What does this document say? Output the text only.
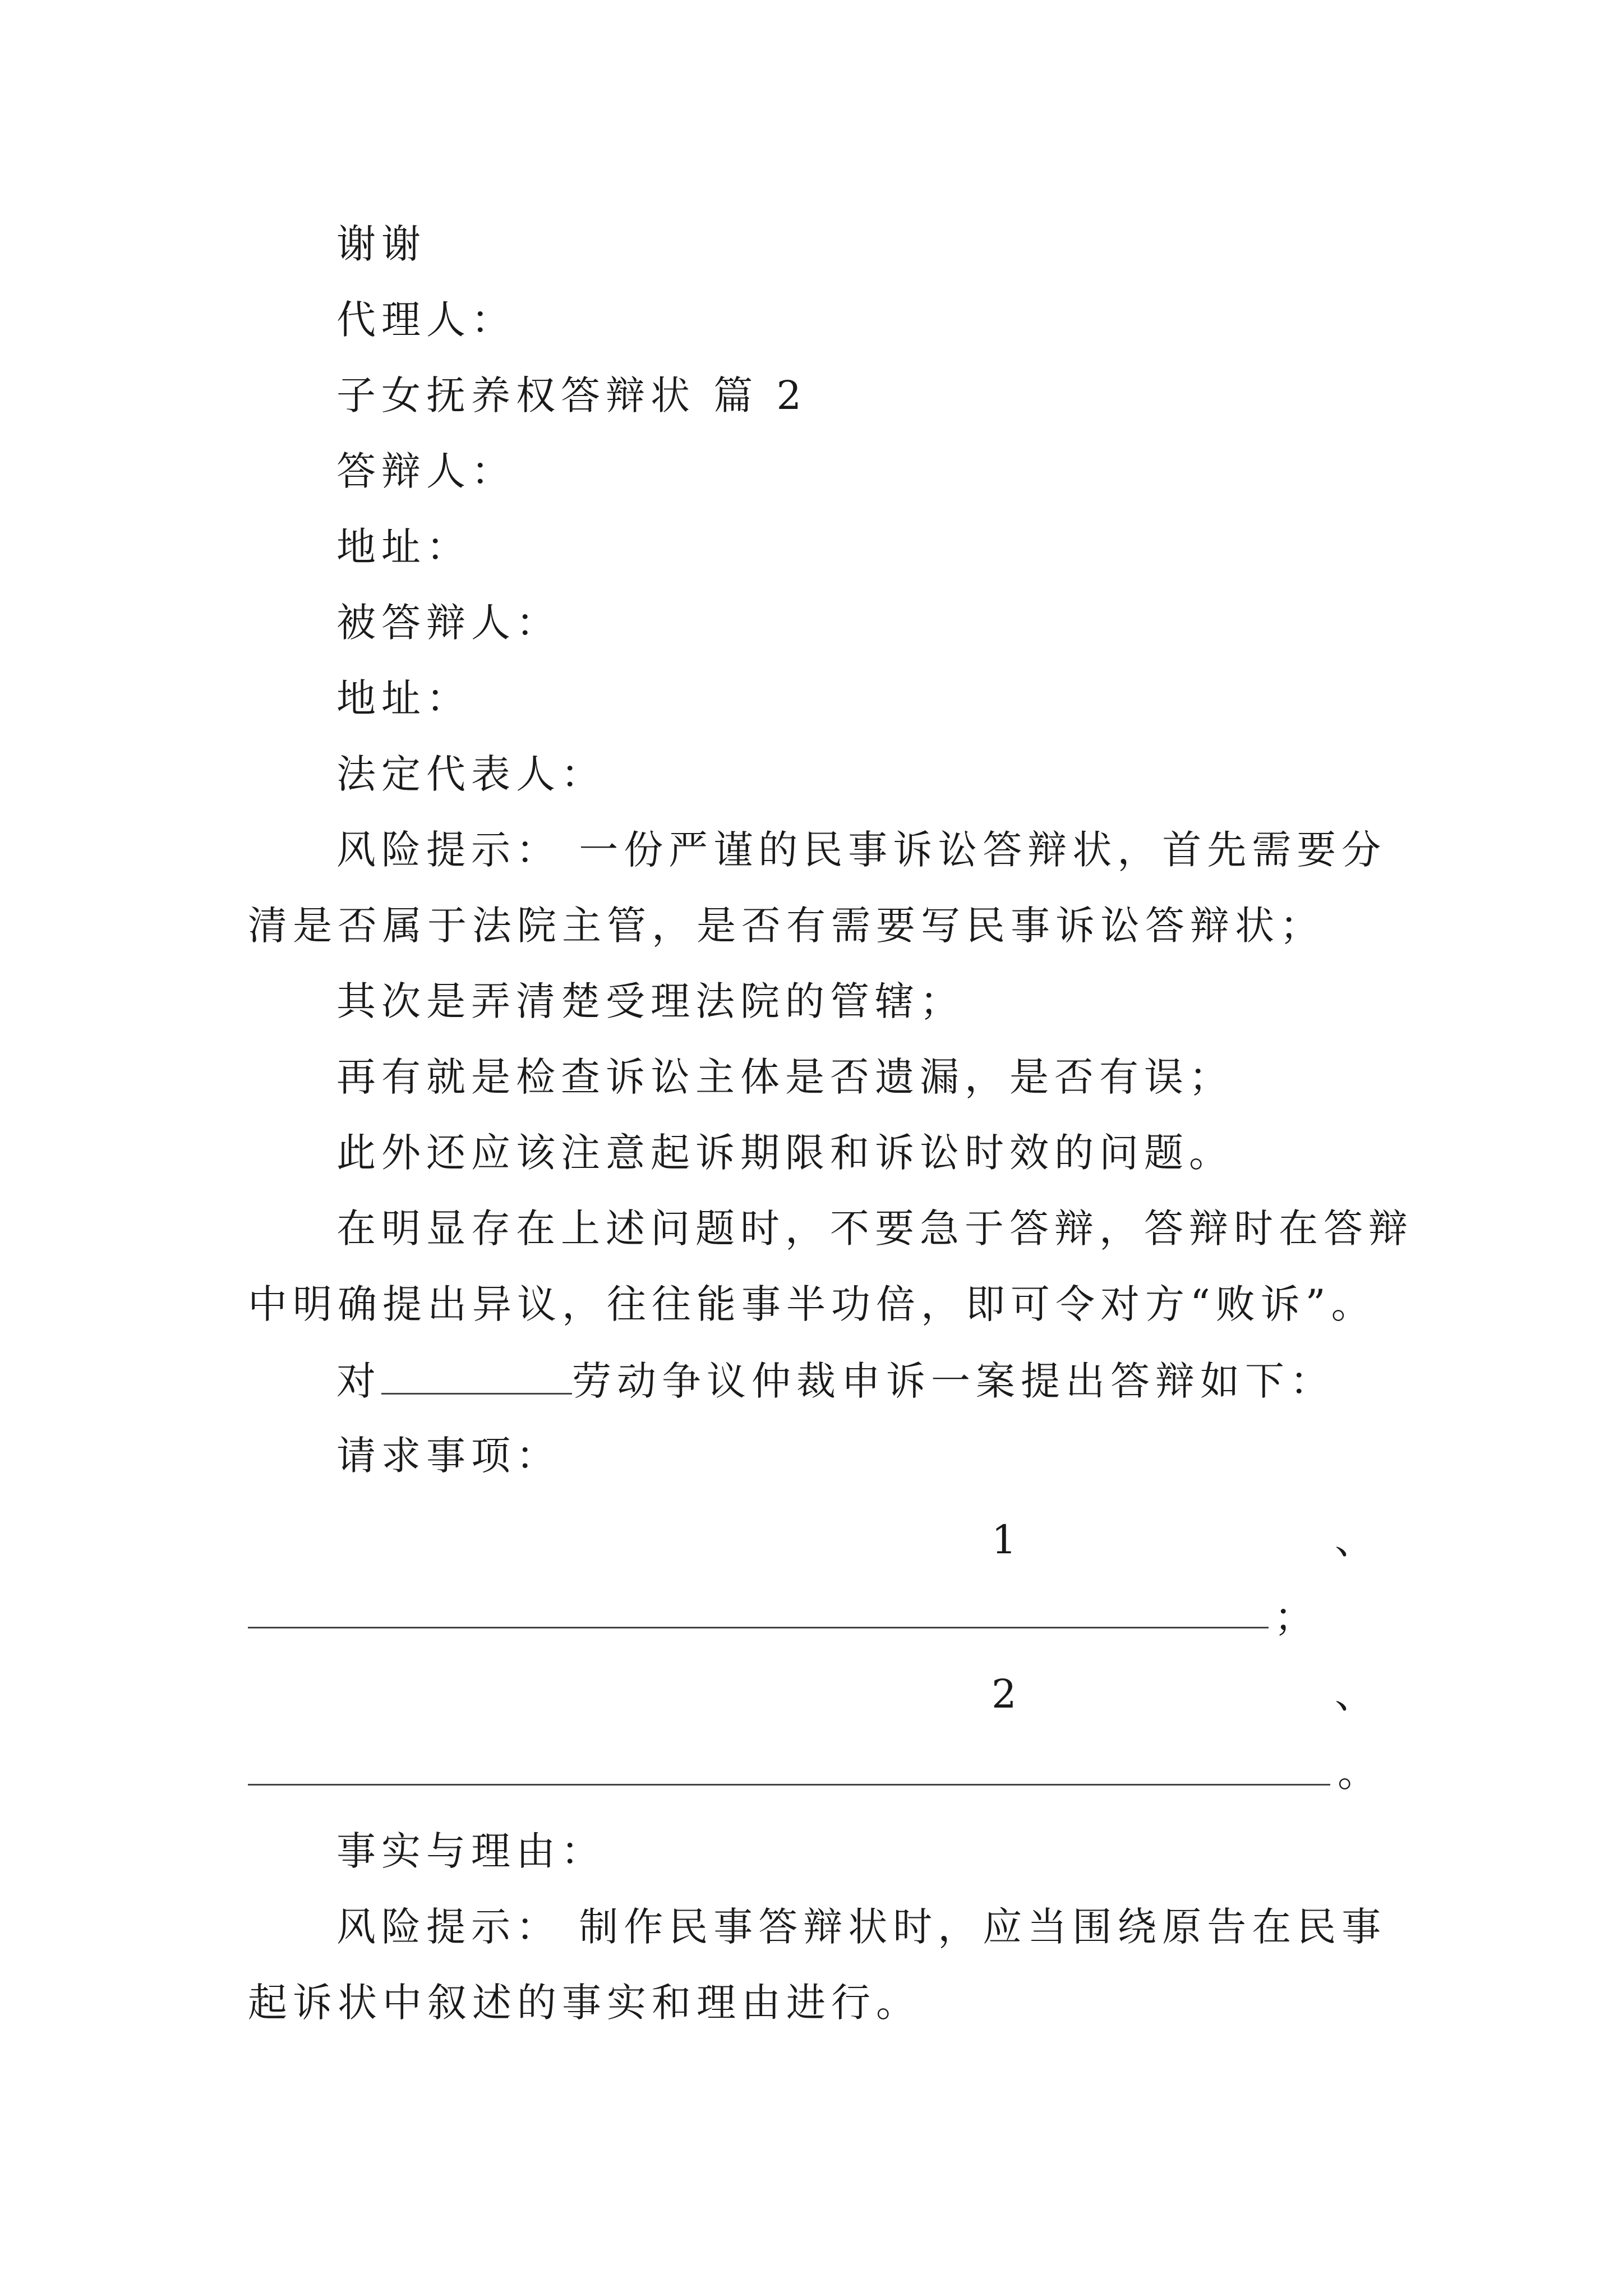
谢谢
代理人：
子女抚养权答辩状 篇 2
答辩人：
地址：
被答辩人：
地址：
法定代表人：
风险提示： 一份严谨的民事诉讼答辩状，首先需要分
清是否属于法院主管，是否有需要写民事诉讼答辩状；
其次是弄清楚受理法院的管辖；
再有就是检查诉讼主体是否遗漏，是否有误；
此外还应该注意起诉期限和诉讼时效的问题。
在明显存在上述问题时，不要急于答辩，答辩时在答辩
中明确提出异议，往往能事半功倍，即可令对方“败诉”。
对	劳动争议仲裁申诉一案提出答辩如下：
请求事项：
1	、
；
2	、
。
事实与理由：
风险提示： 制作民事答辩状时，应当围绕原告在民事
起诉状中叙述的事实和理由进行。
